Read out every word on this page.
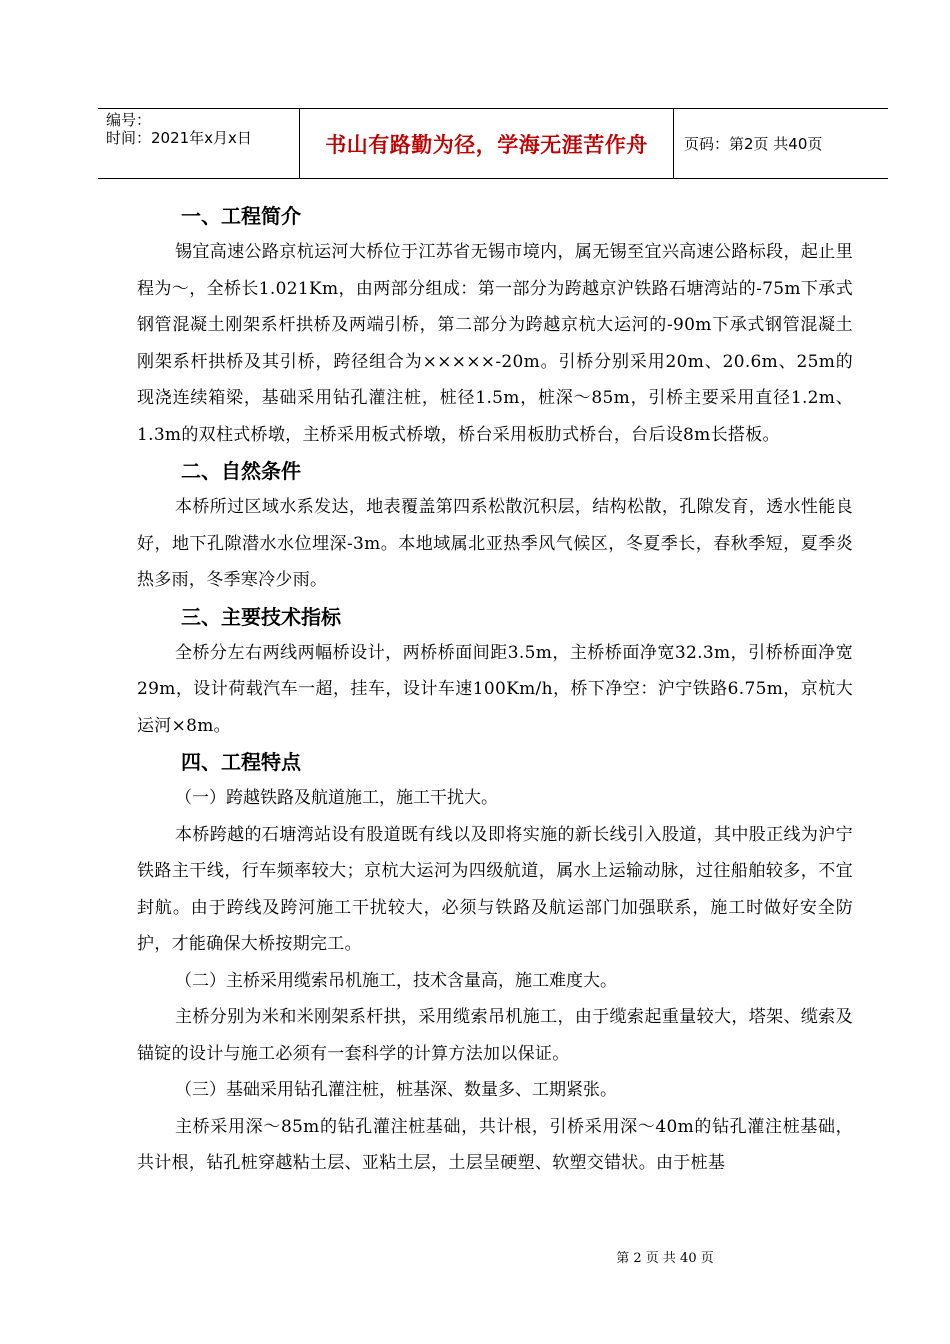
编号：
时间：2021年x月x日	书山有路勤为径，学海无涯苦作舟 页码：第2页 共40页
一、工程简介

锡宜高速公路京杭运河大桥位于江苏省无锡市境内，属无锡至宜兴高速公路标段，起止里程为～，全桥长1.021Km，由两部分组成：第一部分为跨越京沪铁路石塘湾站的-75m下承式钢管混凝土刚架系杆拱桥及两端引桥，第二部分为跨越京杭大运河的-90m下承式钢管混凝土刚架系杆拱桥及其引桥，跨径组合为×××××-20m。引桥分别采用20m、20.6m、25m的现浇连续箱梁，基础采用钻孔灌注桩，桩径1.5m，桩深～85m，引桥主要采用直径1.2m、1.3m的双柱式桥墩，主桥采用板式桥墩，桥台采用板肋式桥台，台后设8m长搭板。

二、自然条件

本桥所过区域水系发达，地表覆盖第四系松散沉积层，结构松散，孔隙发育，透水性能良好，地下孔隙潜水水位埋深-3m。本地域属北亚热季风气候区，冬夏季长，春秋季短，夏季炎热多雨，冬季寒冷少雨。

三、主要技术指标

全桥分左右两线两幅桥设计，两桥桥面间距3.5m，主桥桥面净宽32.3m，引桥桥面净宽29m，设计荷载汽车一超，挂车，设计车速100Km/h，桥下净空：沪宁铁路6.75m，京杭大运河×8m。

四、工程特点

（一）跨越铁路及航道施工，施工干扰大。

本桥跨越的石塘湾站设有股道既有线以及即将实施的新长线引入股道，其中股正线为沪宁铁路主干线，行车频率较大；京杭大运河为四级航道，属水上运输动脉，过往船舶较多，不宜封航。由于跨线及跨河施工干扰较大，必须与铁路及航运部门加强联系，施工时做好安全防护，才能确保大桥按期完工。

（二）主桥采用缆索吊机施工，技术含量高，施工难度大。

主桥分别为米和米刚架系杆拱，采用缆索吊机施工，由于缆索起重量较大，塔架、缆索及锚锭的设计与施工必须有一套科学的计算方法加以保证。

（三）基础采用钻孔灌注桩，桩基深、数量多、工期紧张。

主桥采用深～85m的钻孔灌注桩基础，共计根，引桥采用深～40m的钻孔灌注桩基础，共计根，钻孔桩穿越粘土层、亚粘土层，土层呈硬塑、软塑交错状。由于桩基

第 2 页 共 40 页
